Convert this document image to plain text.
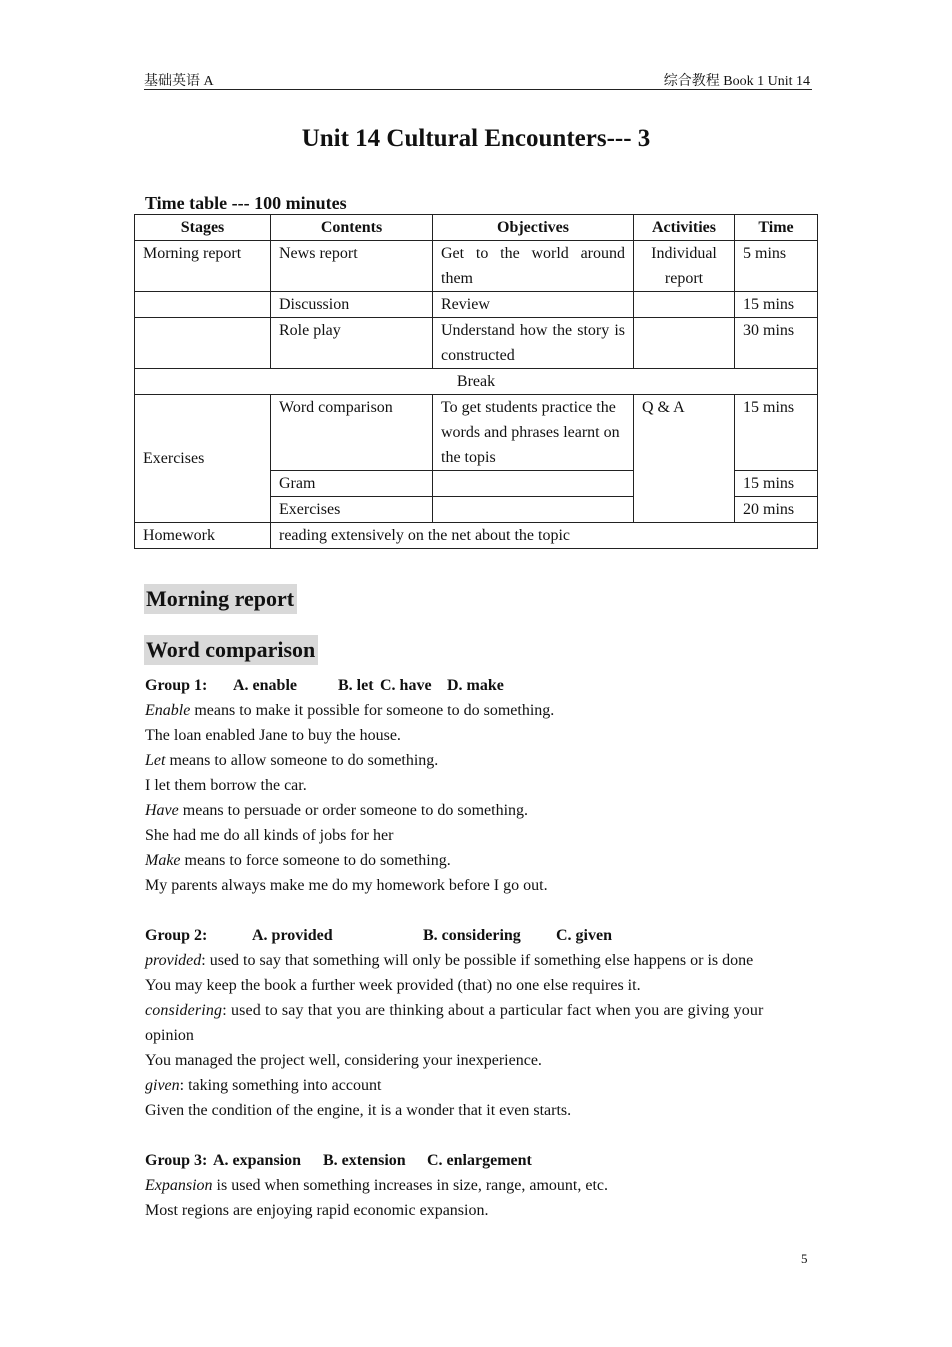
基础英语 A	综合教程 Book 1 Unit 14
Unit 14 Cultural Encounters--- 3
Time table --- 100 minutes
Stages	Contents	Objectives	Activities	Time
Morning report	News report	Get to the world around them	Individual report	5 mins
	Discussion	Review		15 mins
	Role play	Understand how the story is constructed		30 mins
Break				
Exercises	Word comparison	To get students practice the words and phrases learnt on the topis	Q & A	15 mins
	Gram			15 mins
	Exercises			20 mins
Homework	reading extensively on the net about the topic			
Morning report
Word comparison
Group 1: A. enable	B. let C. have D. make
Enable means to make it possible for someone to do something.
The loan enabled Jane to buy the house.
Let means to allow someone to do something.
I let them borrow the car.
Have means to persuade or order someone to do something.
She had me do all kinds of jobs for her
Make means to force someone to do something.
My parents always make me do my homework before I go out.
Group 2:	A. provided	B. considering C. given
provided: used to say that something will only be possible if something else happens or is done
You may keep the book a further week provided (that) no one else requires it.
considering: used to say that you are thinking about a particular fact when you are giving your
opinion
You managed the project well, considering your inexperience.
given: taking something into account
Given the condition of the engine, it is a wonder that it even starts.
Group 3: A. expansion B. extension C. enlargement
Expansion is used when something increases in size, range, amount, etc.
Most regions are enjoying rapid economic expansion.
5
